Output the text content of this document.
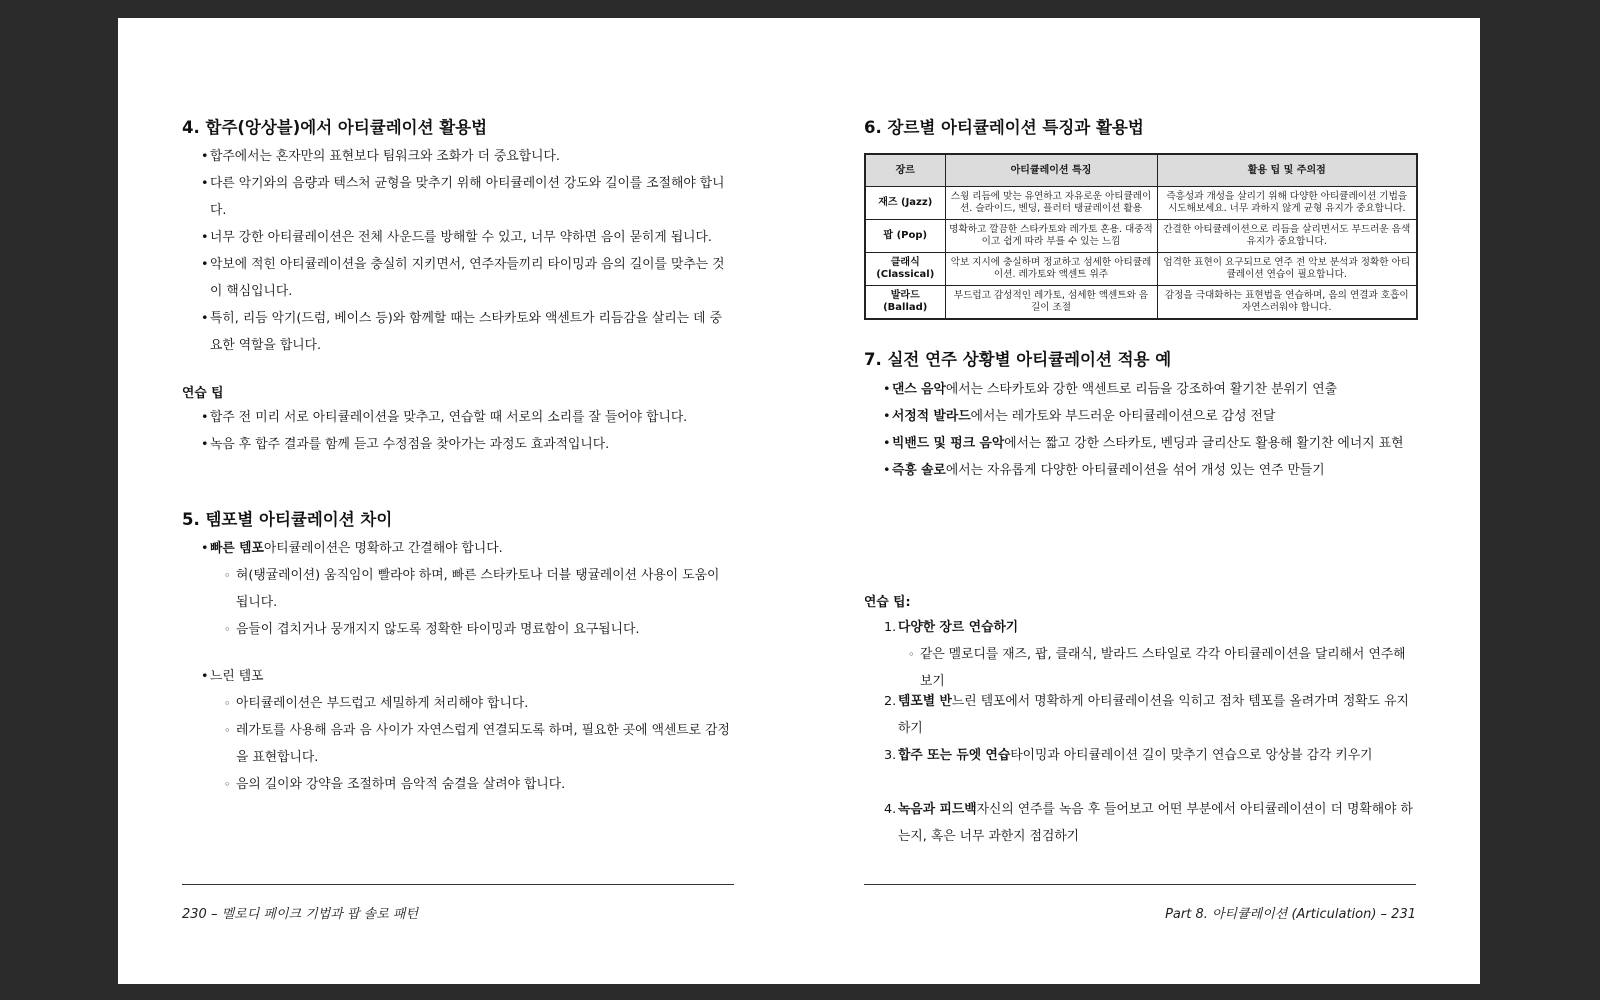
4. 합주(앙상블)에서 아티큘레이션 활용법
• 합주에서는 혼자만의 표현보다 팀워크와 조화가 더 중요합니다.
• 다른 악기와의 음량과 텍스처 균형을 맞추기 위해 아티큘레이션 강도와 길이를 조절해야 합니다.
• 너무 강한 아티큘레이션은 전체 사운드를 방해할 수 있고, 너무 약하면 음이 묻히게 됩니다.
• 악보에 적힌 아티큘레이션을 충실히 지키면서, 연주자들끼리 타이밍과 음의 길이를 맞추는 것이 핵심입니다.
• 특히, 리듬 악기(드럼, 베이스 등)와 함께할 때는 스타카토와 액센트가 리듬감을 살리는 데 중요한 역할을 합니다.
연습 팁
• 합주 전 미리 서로 아티큘레이션을 맞추고, 연습할 때 서로의 소리를 잘 들어야 합니다.
• 녹음 후 합주 결과를 함께 듣고 수정점을 찾아가는 과정도 효과적입니다.
5. 템포별 아티큘레이션 차이
• 빠른 템포아티큘레이션은 명확하고 간결해야 합니다.
◦ 혀(탱귤레이션) 움직임이 빨라야 하며, 빠른 스타카토나 더블 탱귤레이션 사용이 도움이 됩니다.
◦ 음들이 겹치거나 뭉개지지 않도록 정확한 타이밍과 명료함이 요구됩니다.
• 느린 템포
◦ 아티큘레이션은 부드럽고 세밀하게 처리해야 합니다.
◦ 레가토를 사용해 음과 음 사이가 자연스럽게 연결되도록 하며, 필요한 곳에 액센트로 감정을 표현합니다.
◦ 음의 길이와 강약을 조절하며 음악적 숨결을 살려야 합니다.
230 – 멜로디 페이크 기법과 팝 솔로 패턴
6. 장르별 아티큘레이션 특징과 활용법
장르	아티큘레이션 특징	활용 팁 및 주의점
재즈 (Jazz)	스윙 리듬에 맞는 유연하고 자유로운 아티큘레이션. 슬라이드, 벤딩, 플러터 탱귤레이션 활용	즉흥성과 개성을 살리기 위해 다양한 아티큘레이션 기법을 시도해보세요. 너무 과하지 않게 균형 유지가 중요합니다.
팝 (Pop)	명확하고 깔끔한 스타카토와 레가토 혼용. 대중적이고 쉽게 따라 부를 수 있는 느낌	간결한 아티큘레이션으로 리듬을 살리면서도 부드러운 음색 유지가 중요합니다.
클래식 (Classical)	악보 지시에 충실하며 정교하고 섬세한 아티큘레이션. 레가토와 액센트 위주	엄격한 표현이 요구되므로 연주 전 악보 분석과 정확한 아티큘레이션 연습이 필요합니다.
발라드 (Ballad)	부드럽고 감성적인 레가토, 섬세한 액센트와 음 길이 조절	감정을 극대화하는 표현법을 연습하며, 음의 연결과 호흡이 자연스러워야 합니다.
7. 실전 연주 상황별 아티큘레이션 적용 예
• 댄스 음악에서는 스타카토와 강한 액센트로 리듬을 강조하여 활기찬 분위기 연출
• 서정적 발라드에서는 레가토와 부드러운 아티큘레이션으로 감성 전달
• 빅밴드 및 펑크 음악에서는 짧고 강한 스타카토, 벤딩과 글리산도 활용해 활기찬 에너지 표현
• 즉흥 솔로에서는 자유롭게 다양한 아티큘레이션을 섞어 개성 있는 연주 만들기
연습 팁:
1. 다양한 장르 연습하기
◦ 같은 멜로디를 재즈, 팝, 클래식, 발라드 스타일로 각각 아티큘레이션을 달리해서 연주해보기
2. 템포별 반느린 템포에서 명확하게 아티큘레이션을 익히고 점차 템포를 올려가며 정확도 유지하기
3. 합주 또는 듀엣 연습타이밍과 아티큘레이션 길이 맞추기 연습으로 앙상블 감각 키우기
4. 녹음과 피드백자신의 연주를 녹음 후 들어보고 어떤 부분에서 아티큘레이션이 더 명확해야 하는지, 혹은 너무 과한지 점검하기
Part 8. 아티큘레이션 (Articulation) – 231
